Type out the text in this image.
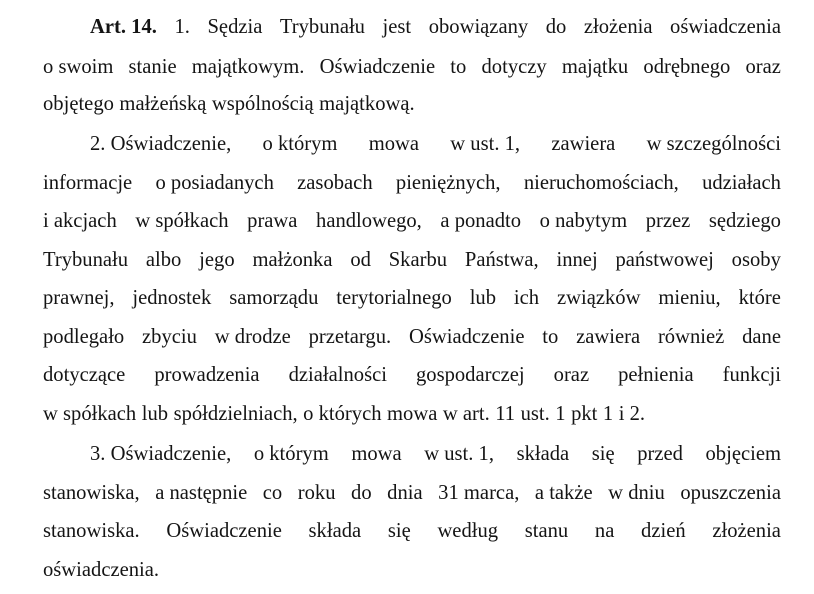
Art. 14. 1. Sędzia Trybunału jest obowiązany do złożenia oświadczenia
o swoim stanie majątkowym. Oświadczenie to dotyczy majątku odrębnego oraz
objętego małżeńską wspólnością majątkową.
2. Oświadczenie, o którym mowa w ust. 1, zawiera w szczególności
informacje o posiadanych zasobach pieniężnych, nieruchomościach, udziałach
i akcjach w spółkach prawa handlowego, a ponadto o nabytym przez sędziego
Trybunału albo jego małżonka od Skarbu Państwa, innej państwowej osoby
prawnej, jednostek samorządu terytorialnego lub ich związków mieniu, które
podlegało zbyciu w drodze przetargu. Oświadczenie to zawiera również dane
dotyczące prowadzenia działalności gospodarczej oraz pełnienia funkcji
w spółkach lub spółdzielniach, o których mowa w art. 11 ust. 1 pkt 1 i 2.
3. Oświadczenie, o którym mowa w ust. 1, składa się przed objęciem
stanowiska, a następnie co roku do dnia 31 marca, a także w dniu opuszczenia
stanowiska. Oświadczenie składa się według stanu na dzień złożenia
oświadczenia.
